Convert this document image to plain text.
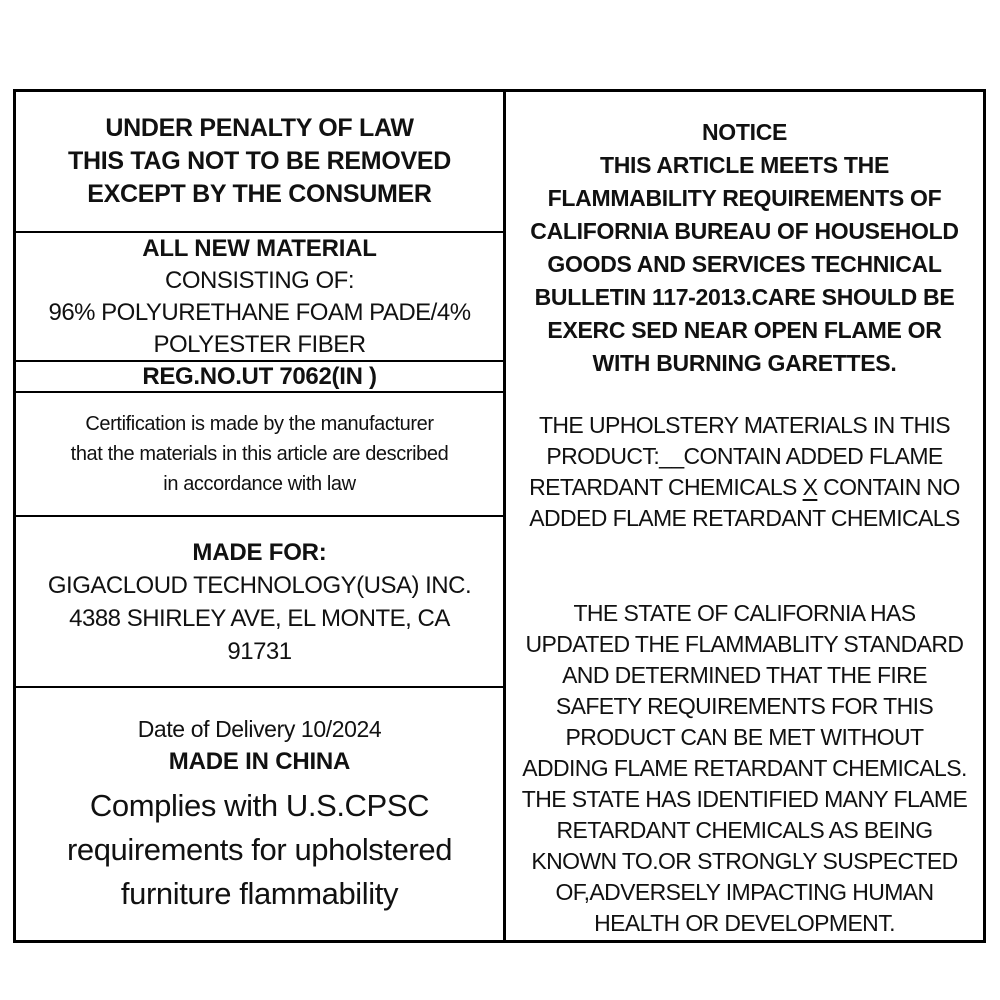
UNDER PENALTY OF LAW
THIS TAG NOT TO BE REMOVED
EXCEPT BY THE CONSUMER
ALL NEW MATERIAL
CONSISTING OF:
96% POLYURETHANE FOAM PADE/4%
POLYESTER FIBER
REG.NO.UT 7062(IN )
Certification is made by the manufacturer
that the materials in this article are described
in accordance with law
MADE FOR:
GIGACLOUD TECHNOLOGY(USA) INC.
4388 SHIRLEY AVE, EL MONTE, CA
91731
Date of Delivery 10/2024
MADE IN CHINA
Complies with U.S.CPSC
requirements for upholstered
furniture flammability
NOTICE
THIS ARTICLE MEETS THE
FLAMMABILITY REQUIREMENTS OF
CALIFORNIA BUREAU OF HOUSEHOLD
GOODS AND SERVICES TECHNICAL
BULLETIN 117-2013.CARE SHOULD BE
EXERC SED NEAR OPEN FLAME OR
WITH BURNING GARETTES.
THE UPHOLSTERY MATERIALS IN THIS
PRODUCT:__CONTAIN ADDED FLAME
RETARDANT CHEMICALS X CONTAIN NO
ADDED FLAME RETARDANT CHEMICALS
THE STATE OF CALIFORNIA HAS
UPDATED THE FLAMMABLITY STANDARD
AND DETERMINED THAT THE FIRE
SAFETY REQUIREMENTS FOR THIS
PRODUCT CAN BE MET WITHOUT
ADDING FLAME RETARDANT CHEMICALS.
THE STATE HAS IDENTIFIED MANY FLAME
RETARDANT CHEMICALS AS BEING
KNOWN TO.OR STRONGLY SUSPECTED
OF,ADVERSELY IMPACTING HUMAN
HEALTH OR DEVELOPMENT.
